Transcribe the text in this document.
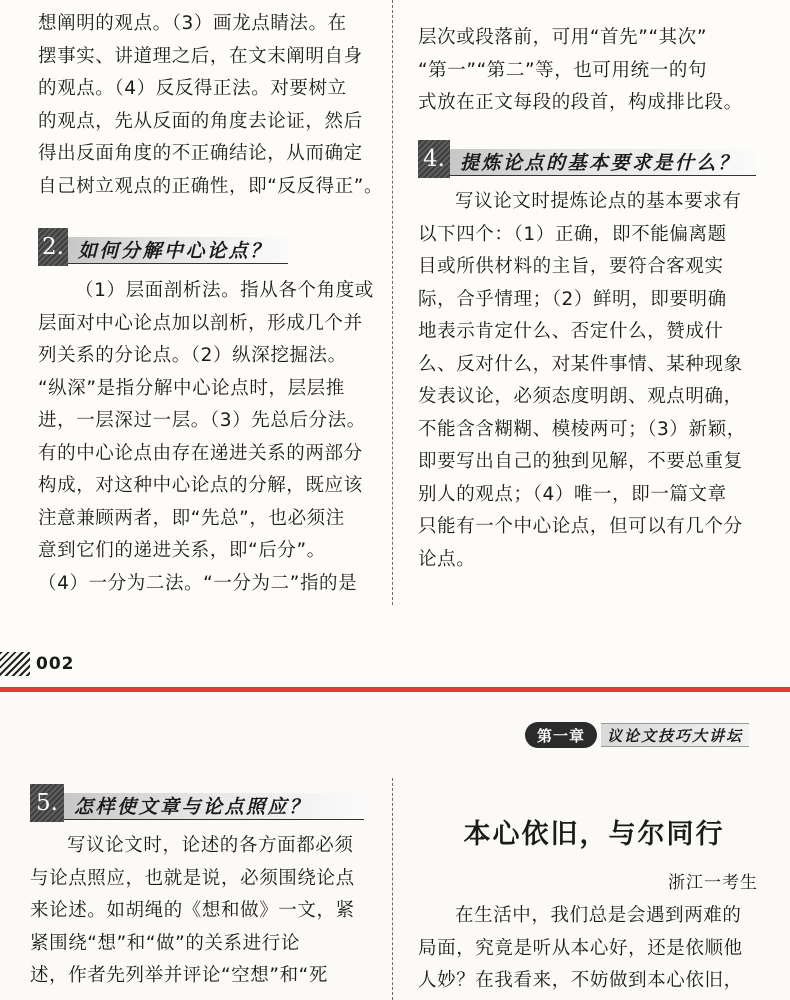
想阐明的观点。（3）画龙点睛法。在

摆事实、讲道理之后，在文末阐明自身

的观点。（4）反反得正法。对要树立

的观点，先从反面的角度去论证，然后

得出反面角度的不正确结论，从而确定

自己树立观点的正确性，即“反反得正”。

2. 如何分解中心论点？

（1）层面剖析法。指从各个角度或

层面对中心论点加以剖析，形成几个并

列关系的分论点。（2）纵深挖掘法。

“纵深”是指分解中心论点时，层层推

进，一层深过一层。（3）先总后分法。

有的中心论点由存在递进关系的两部分

构成，对这种中心论点的分解，既应该

注意兼顾两者，即“先总”，也必须注

意到它们的递进关系，即“后分”。

（4）一分为二法。“一分为二”指的是

层次或段落前，可用“首先”“其次”

“第一”“第二”等，也可用统一的句

式放在正文每段的段首，构成排比段。

4. 提炼论点的基本要求是什么？

写议论文时提炼论点的基本要求有

以下四个：（1）正确，即不能偏离题

目或所供材料的主旨，要符合客观实

际，合乎情理；（2）鲜明，即要明确

地表示肯定什么、否定什么，赞成什

么、反对什么，对某件事情、某种现象

发表议论，必须态度明朗、观点明确，

不能含含糊糊、模棱两可；（3）新颖，

即要写出自己的独到见解，不要总重复

别人的观点；（4）唯一，即一篇文章

只能有一个中心论点，但可以有几个分

论点。

002
第一章	议论文技巧大讲坛
5. 怎样使文章与论点照应？

写议论文时，论述的各方面都必须

与论点照应，也就是说，必须围绕论点

来论述。如胡绳的《想和做》一文，紧

紧围绕“想”和“做”的关系进行论

述，作者先列举并评论“空想”和“死

本心依旧，与尔同行
浙江一考生

在生活中，我们总是会遇到两难的

局面，究竟是听从本心好，还是依顺他

人妙？在我看来，不妨做到本心依旧，
